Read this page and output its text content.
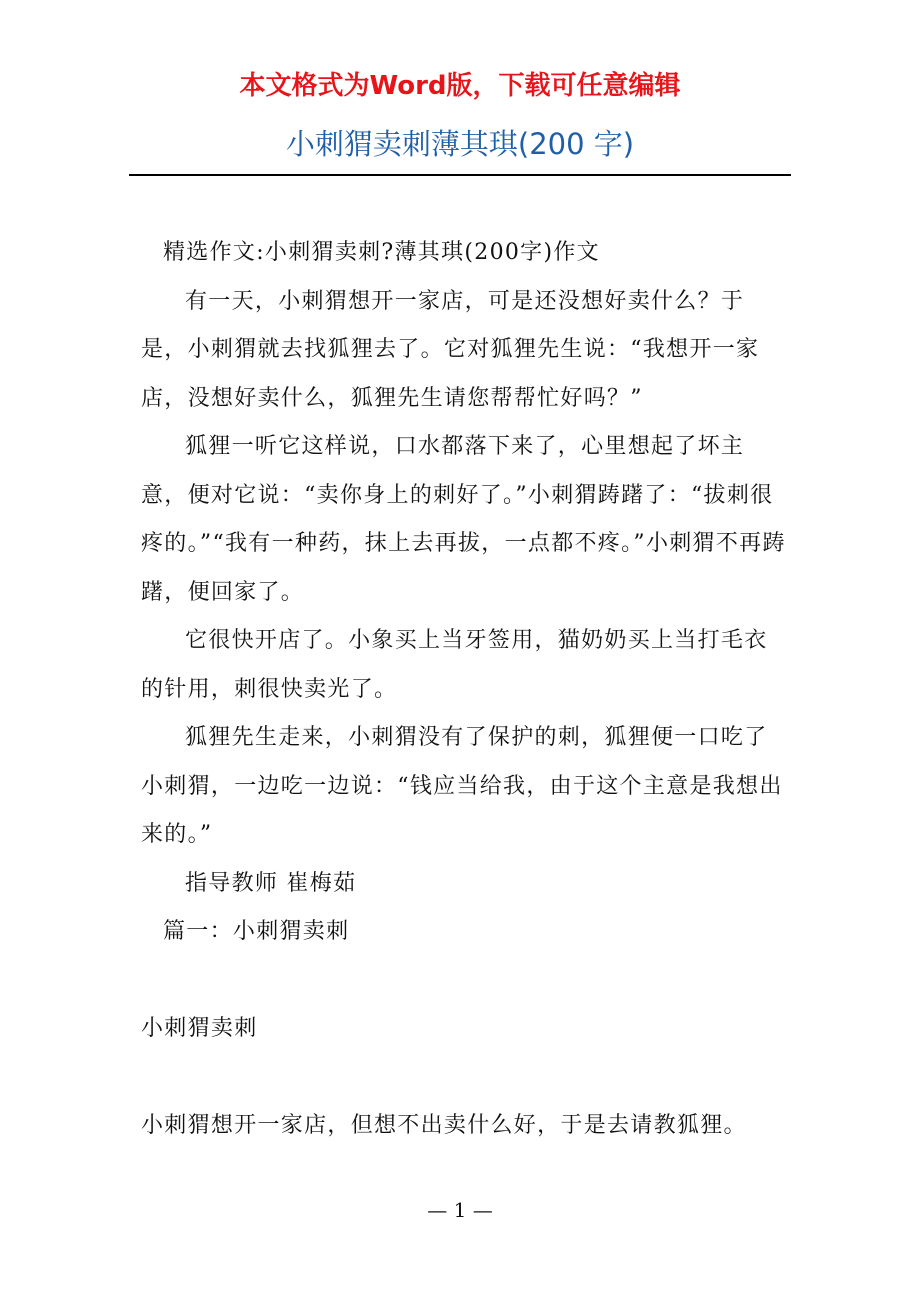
本文格式为Word版，下载可任意编辑
小刺猬卖刺薄其琪(200 字)

精选作文:小刺猬卖刺?薄其琪(200字)作文

有一天，小刺猬想开一家店，可是还没想好卖什么？于是，小刺猬就去找狐狸去了。它对狐狸先生说：“我想开一家店，没想好卖什么，狐狸先生请您帮帮忙好吗？”

狐狸一听它这样说，口水都落下来了，心里想起了坏主意，便对它说：“卖你身上的刺好了。”小刺猬踌躇了：“拔刺很疼的。”“我有一种药，抹上去再拔，一点都不疼。”小刺猬不再踌躇，便回家了。

它很快开店了。小象买上当牙签用，猫奶奶买上当打毛衣的针用，刺很快卖光了。

狐狸先生走来，小刺猬没有了保护的刺，狐狸便一口吃了小刺猬，一边吃一边说：“钱应当给我，由于这个主意是我想出来的。”

指导教师 崔梅茹

篇一：小刺猬卖刺

小刺猬卖刺

小刺猬想开一家店，但想不出卖什么好，于是去请教狐狸。

— 1 —
